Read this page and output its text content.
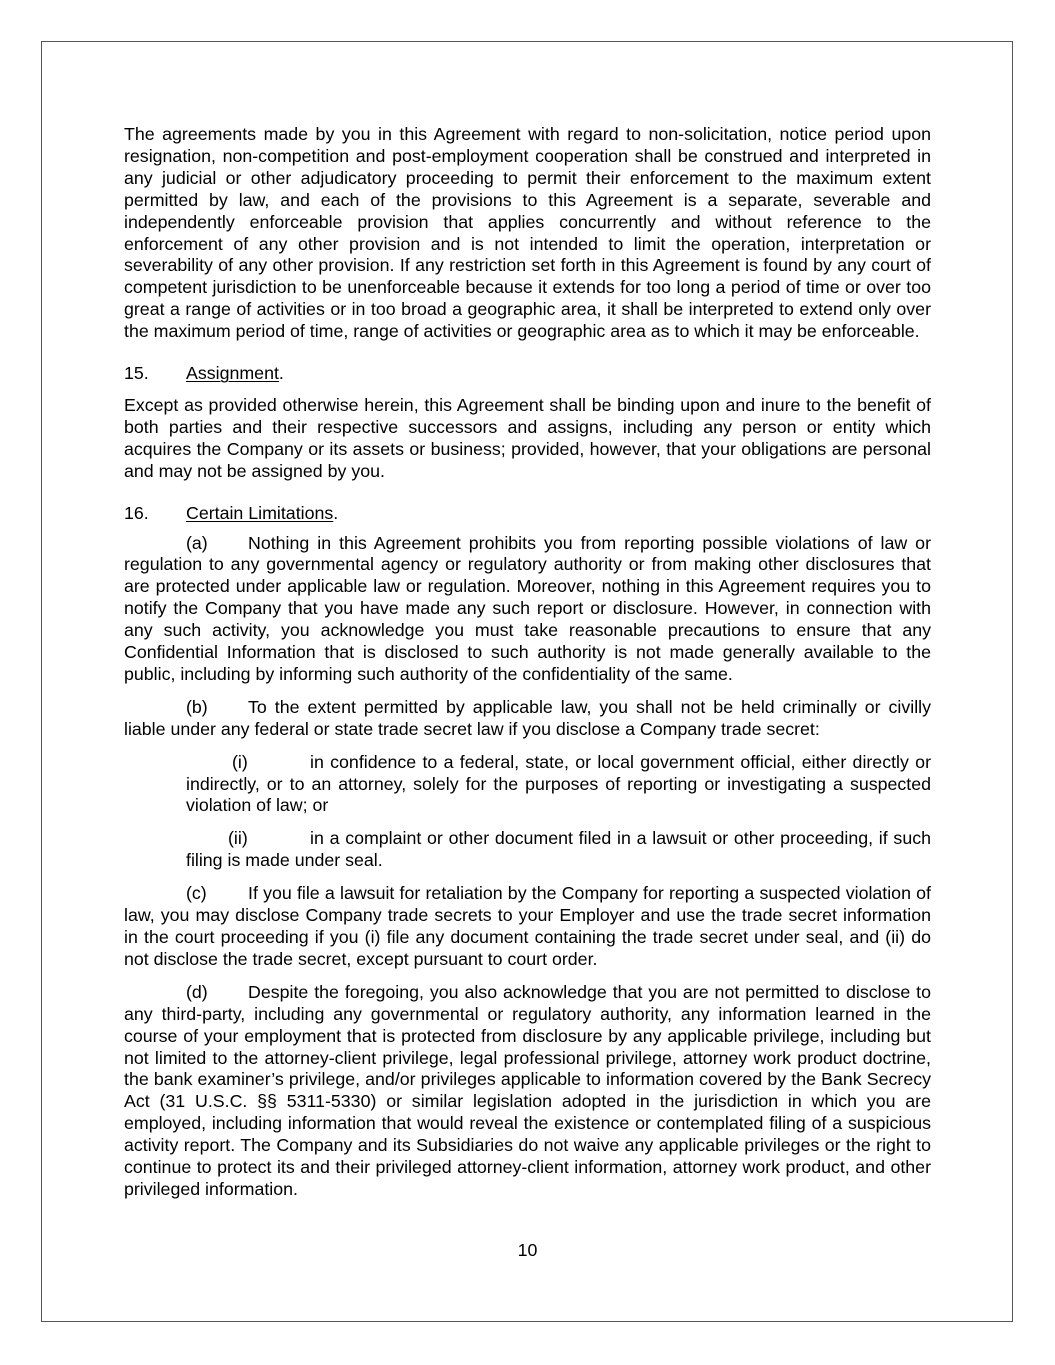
The agreements made by you in this Agreement with regard to non-solicitation, notice period upon resignation, non-competition and post-employment cooperation shall be construed and interpreted in any judicial or other adjudicatory proceeding to permit their enforcement to the maximum extent permitted by law, and each of the provisions to this Agreement is a separate, severable and independently enforceable provision that applies concurrently and without reference to the enforcement of any other provision and is not intended to limit the operation, interpretation or severability of any other provision. If any restriction set forth in this Agreement is found by any court of competent jurisdiction to be unenforceable because it extends for too long a period of time or over too great a range of activities or in too broad a geographic area, it shall be interpreted to extend only over the maximum period of time, range of activities or geographic area as to which it may be enforceable.

15. Assignment.

Except as provided otherwise herein, this Agreement shall be binding upon and inure to the benefit of both parties and their respective successors and assigns, including any person or entity which acquires the Company or its assets or business; provided, however, that your obligations are personal and may not be assigned by you.

16. Certain Limitations.

(a) Nothing in this Agreement prohibits you from reporting possible violations of law or regulation to any governmental agency or regulatory authority or from making other disclosures that are protected under applicable law or regulation. Moreover, nothing in this Agreement requires you to notify the Company that you have made any such report or disclosure. However, in connection with any such activity, you acknowledge you must take reasonable precautions to ensure that any Confidential Information that is disclosed to such authority is not made generally available to the public, including by informing such authority of the confidentiality of the same.

(b) To the extent permitted by applicable law, you shall not be held criminally or civilly liable under any federal or state trade secret law if you disclose a Company trade secret:

(i)	in confidence to a federal, state, or local government official, either directly or indirectly, or to an attorney, solely for the purposes of reporting or investigating a suspected violation of law; or

(ii)	in a complaint or other document filed in a lawsuit or other proceeding, if such filing is made under seal.

(c) If you file a lawsuit for retaliation by the Company for reporting a suspected violation of law, you may disclose Company trade secrets to your Employer and use the trade secret information in the court proceeding if you (i) file any document containing the trade secret under seal, and (ii) do not disclose the trade secret, except pursuant to court order.

(d) Despite the foregoing, you also acknowledge that you are not permitted to disclose to any third-party, including any governmental or regulatory authority, any information learned in the course of your employment that is protected from disclosure by any applicable privilege, including but not limited to the attorney-client privilege, legal professional privilege, attorney work product doctrine, the bank examiner’s privilege, and/or privileges applicable to information covered by the Bank Secrecy Act (31 U.S.C. §§ 5311-5330) or similar legislation adopted in the jurisdiction in which you are employed, including information that would reveal the existence or contemplated filing of a suspicious activity report. The Company and its Subsidiaries do not waive any applicable privileges or the right to continue to protect its and their privileged attorney-client information, attorney work product, and other privileged information.

10
